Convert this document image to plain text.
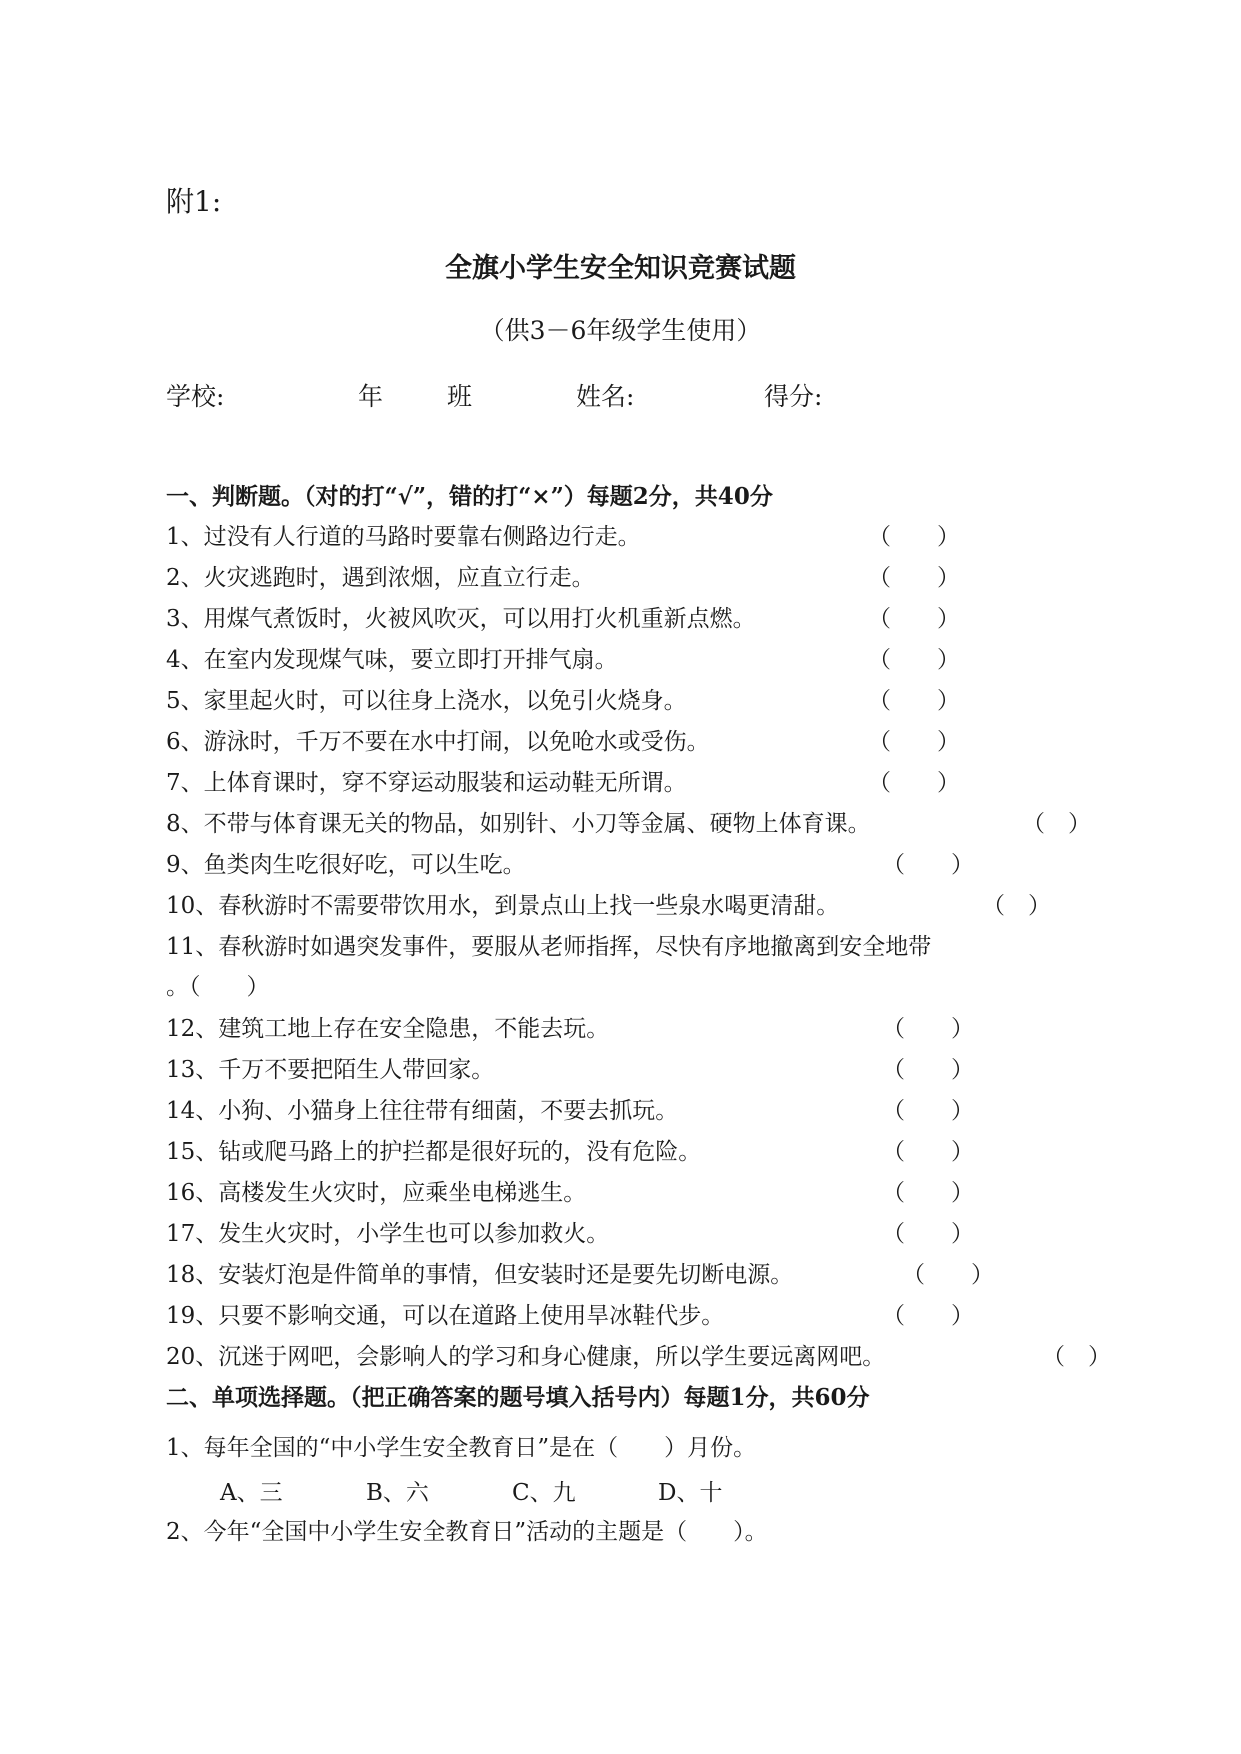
附1:
全旗小学生安全知识竞赛试题
（供3－6年级学生使用）
学校:	年	班	姓名:	得分:
一、判断题。（对的打“√”，错的打“×”）每题2分，共40分
1、过没有人行道的马路时要靠右侧路边行走。	（　　）
2、火灾逃跑时，遇到浓烟，应直立行走。	（　　）
3、用煤气煮饭时，火被风吹灭，可以用打火机重新点燃。	（　　）
4、在室内发现煤气味，要立即打开排气扇。	（　　）
5、家里起火时，可以往身上浇水，以免引火烧身。	（　　）
6、游泳时，千万不要在水中打闹，以免呛水或受伤。	（　　）
7、上体育课时，穿不穿运动服装和运动鞋无所谓。	（　　）
8、不带与体育课无关的物品，如别针、小刀等金属、硬物上体育课。	（　）
9、鱼类肉生吃很好吃，可以生吃。	（　　）
10、春秋游时不需要带饮用水，到景点山上找一些泉水喝更清甜。	（　）
11、春秋游时如遇突发事件，要服从老师指挥，尽快有序地撤离到安全地带
。（　　）
12、建筑工地上存在安全隐患，不能去玩。	（　　）
13、千万不要把陌生人带回家。	（　　）
14、小狗、小猫身上往往带有细菌，不要去抓玩。	（　　）
15、钻或爬马路上的护拦都是很好玩的，没有危险。	（　　）
16、高楼发生火灾时，应乘坐电梯逃生。	（　　）
17、发生火灾时，小学生也可以参加救火。	（　　）
18、安装灯泡是件简单的事情，但安装时还是要先切断电源。	（　　）
19、只要不影响交通，可以在道路上使用旱冰鞋代步。	（　　）
20、沉迷于网吧，会影响人的学习和身心健康，所以学生要远离网吧。	（　）
二、单项选择题。（把正确答案的题号填入括号内）每题1分，共60分
1、每年全国的“中小学生安全教育日”是在（　　）月份。
A、三	B、六	C、九	D、十
2、今年“全国中小学生安全教育日”活动的主题是（　　）。
